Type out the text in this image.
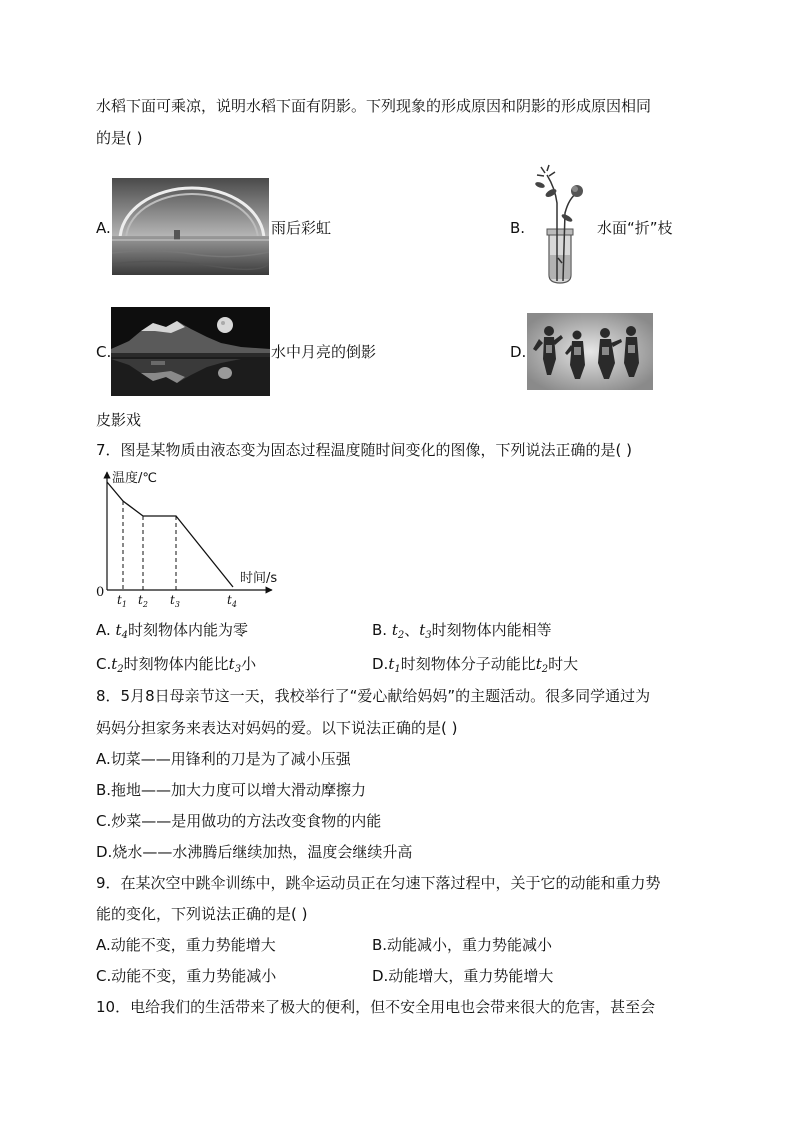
水稻下面可乘凉，说明水稻下面有阴影。下列现象的形成原因和阴影的形成原因相同
的是( )
A.	雨后彩虹	B.	水面“折”枝
C.	水中月亮的倒影	D.
皮影戏
7．图是某物质由液态变为固态过程温度随时间变化的图像，下列说法正确的是( )
温度/℃
时间/s
0 $t_1$ $t_2$ $t_3$	$t_4$
A. $t_4$时刻物体内能为零	B. $t_2$、$t_3$时刻物体内能相等
$C.t_2$时刻物体内能比$t_3$小	$D.t_1$时刻物体分子动能比$t_2$时大
8．5月8日母亲节这一天，我校举行了“爱心献给妈妈”的主题活动。很多同学通过为
妈妈分担家务来表达对妈妈的爱。以下说法正确的是( )
A.切菜——用锋利的刀是为了减小压强
B.拖地——加大力度可以增大滑动摩擦力
C.炒菜——是用做功的方法改变食物的内能
D.烧水——水沸腾后继续加热，温度会继续升高
9．在某次空中跳伞训练中，跳伞运动员正在匀速下落过程中，关于它的动能和重力势
能的变化，下列说法正确的是( )
A.动能不变，重力势能增大	B.动能减小，重力势能减小
C.动能不变，重力势能减小	D.动能增大，重力势能增大
10．电给我们的生活带来了极大的便利，但不安全用电也会带来很大的危害，甚至会
